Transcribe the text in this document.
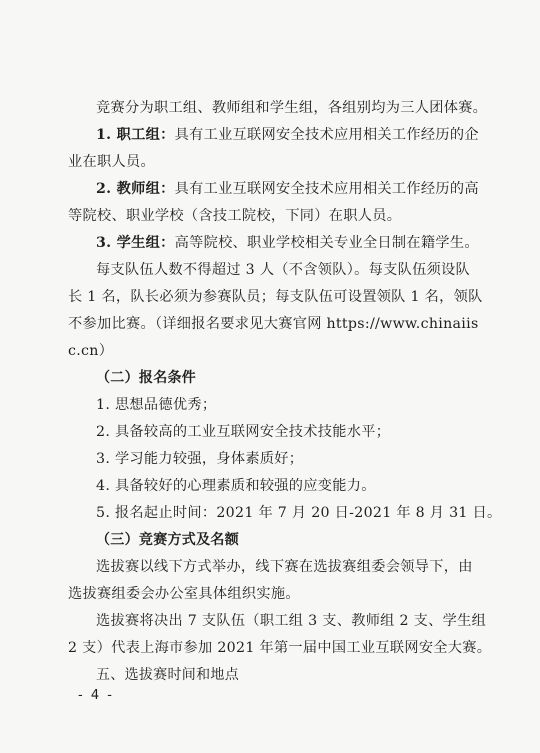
竞赛分为职工组、教师组和学生组，各组别均为三人团体赛。
1. 职工组：具有工业互联网安全技术应用相关工作经历的企
业在职人员。
2. 教师组：具有工业互联网安全技术应用相关工作经历的高
等院校、职业学校（含技工院校，下同）在职人员。
3. 学生组：高等院校、职业学校相关专业全日制在籍学生。
每支队伍人数不得超过 3 人（不含领队）。每支队伍须设队
长 1 名，队长必须为参赛队员；每支队伍可设置领队 1 名，领队
不参加比赛。（详细报名要求见大赛官网 https://www.chinaiis
c.cn）
（二）报名条件
1. 思想品德优秀；
2. 具备较高的工业互联网安全技术技能水平；
3. 学习能力较强，身体素质好；
4. 具备较好的心理素质和较强的应变能力。
5. 报名起止时间：2021 年 7 月 20 日-2021 年 8 月 31 日。
（三）竞赛方式及名额
选拔赛以线下方式举办，线下赛在选拔赛组委会领导下，由
选拔赛组委会办公室具体组织实施。
选拔赛将决出 7 支队伍（职工组 3 支、教师组 2 支、学生组
2 支）代表上海市参加 2021 年第一届中国工业互联网安全大赛。
五、选拔赛时间和地点
- 4 -
